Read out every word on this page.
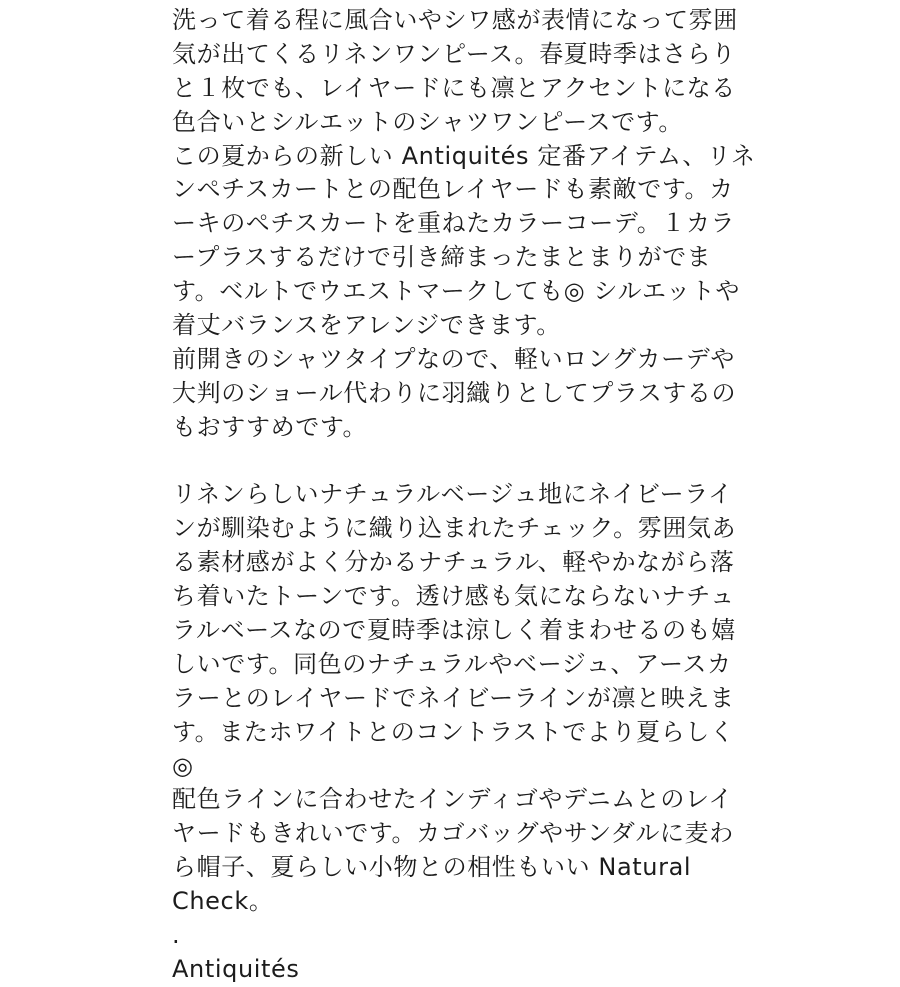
洗って着る程に風合いやシワ感が表情になって雰囲
気が出てくるリネンワンピース。春夏時季はさらり
と１枚でも、レイヤードにも凛とアクセントになる
色合いとシルエットのシャツワンピースです。
この夏からの新しい Antiquités 定番アイテム、リネ
ンペチスカートとの配色レイヤードも素敵です。カ
ーキのペチスカートを重ねたカラーコーデ。１カラ
ープラスするだけで引き締まったまとまりがでま
す。ベルトでウエストマークしても◎ シルエットや
着丈バランスをアレンジできます。
前開きのシャツタイプなので、軽いロングカーデや
大判のショール代わりに羽織りとしてプラスするの
もおすすめです。
リネンらしいナチュラルベージュ地にネイビーライ
ンが馴染むように織り込まれたチェック。雰囲気あ
る素材感がよく分かるナチュラル、軽やかながら落
ち着いたトーンです。透け感も気にならないナチュ
ラルベースなので夏時季は涼しく着まわせるのも嬉
しいです。同色のナチュラルやベージュ、アースカ
ラーとのレイヤードでネイビーラインが凛と映えま
す。またホワイトとのコントラストでより夏らしく
◎
配色ラインに合わせたインディゴやデニムとのレイ
ヤードもきれいです。カゴバッグやサンダルに麦わ
ら帽子、夏らしい小物との相性もいい Natural
Check。
.
Antiquités
